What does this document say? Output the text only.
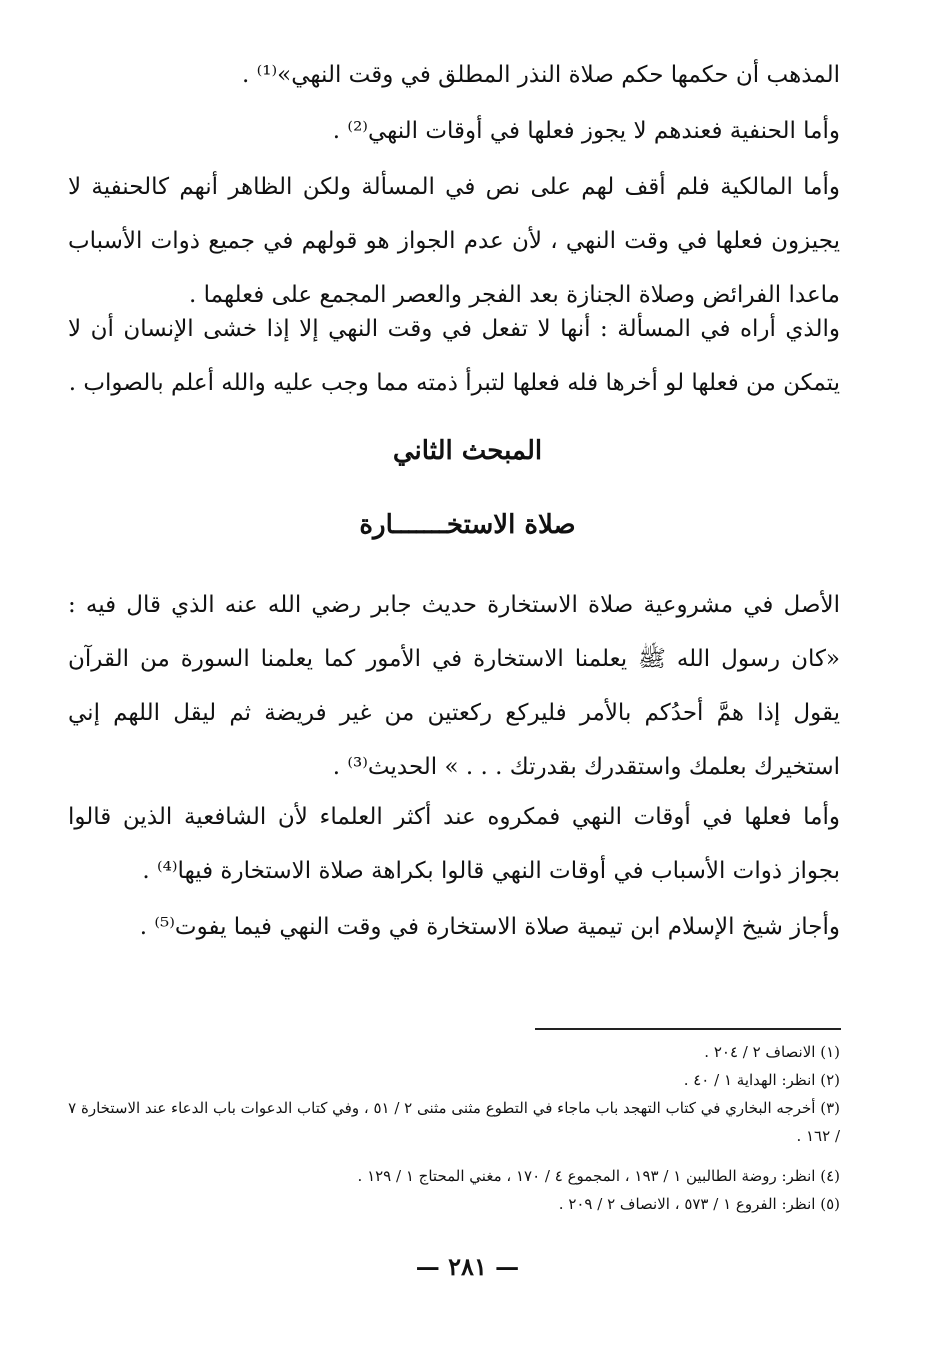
المذهب أن حكمها حكم صلاة النذر المطلق في وقت النهي»⁽¹⁾ .

وأما الحنفية فعندهم لا يجوز فعلها في أوقات النهي⁽²⁾ .

وأما المالكية فلم أقف لهم على نص في المسألة ولكن الظاهر أنهم كالحنفية لا يجيزون فعلها في وقت النهي ، لأن عدم الجواز هو قولهم في جميع ذوات الأسباب ماعدا الفرائض وصلاة الجنازة بعد الفجر والعصر المجمع على فعلهما .

والذي أراه في المسألة : أنها لا تفعل في وقت النهي إلا إذا خشى الإنسان أن لا يتمكن من فعلها لو أخرها فله فعلها لتبرأ ذمته مما وجب عليه والله أعلم بالصواب .

المبحث الثاني
صلاة الاستخـــــــارة

الأصل في مشروعية صلاة الاستخارة حديث جابر رضي الله عنه الذي قال فيه : «كان رسول الله ﷺ يعلمنا الاستخارة في الأمور كما يعلمنا السورة من القرآن يقول إذا همَّ أحدُكم بالأمر فليركع ركعتين من غير فريضة ثم ليقل اللهم إني استخيرك بعلمك واستقدرك بقدرتك . . . » الحديث⁽³⁾ .

وأما فعلها في أوقات النهي فمكروه عند أكثر العلماء لأن الشافعية الذين قالوا بجواز ذوات الأسباب في أوقات النهي قالوا بكراهة صلاة الاستخارة فيها⁽⁴⁾ .

وأجاز شيخ الإسلام ابن تيمية صلاة الاستخارة في وقت النهي فيما يفوت⁽⁵⁾ .

(١) الانصاف ٢ / ٢٠٤ .

(٢) انظر: الهداية ١ / ٤٠ .

(٣) أخرجه البخاري في كتاب التهجد باب ماجاء في التطوع مثنى مثنى ٢ / ٥١ ، وفي كتاب الدعوات باب الدعاء عند الاستخارة ٧ / ١٦٢ .

(٤) انظر: روضة الطالبين ١ / ١٩٣ ، المجموع ٤ / ١٧٠ ، مغني المحتاج ١ / ١٢٩ .

(٥) انظر: الفروع ١ / ٥٧٣ ، الانصاف ٢ / ٢٠٩ .

— ٢٨١ —
